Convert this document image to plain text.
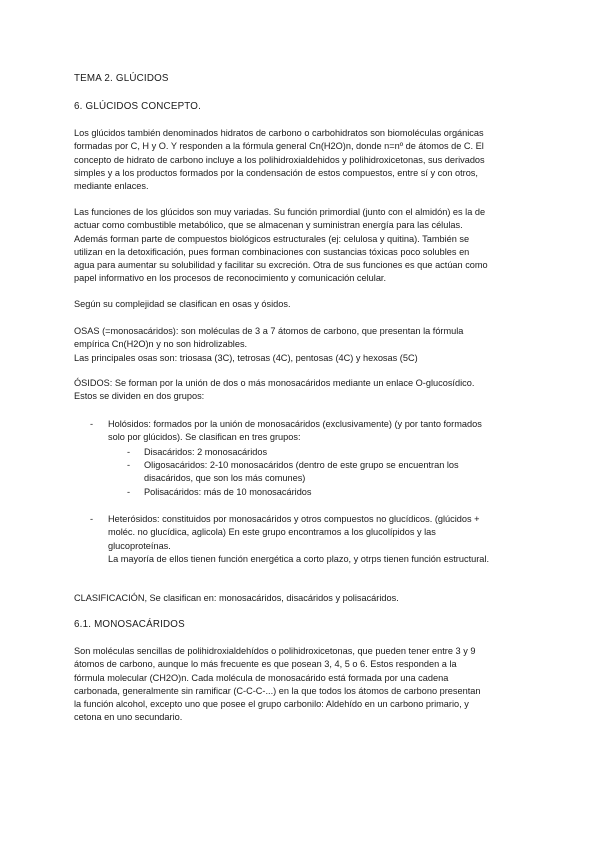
TEMA 2. GLÚCIDOS
6. GLÚCIDOS CONCEPTO.
Los glúcidos también denominados hidratos de carbono o carbohidratos son biomoléculas orgánicas
formadas por C, H y O. Y responden a la fórmula general Cn(H2O)n, donde n=nº de átomos de C. El
concepto de hidrato de carbono incluye a los polihidroxialdehidos y polihidroxicetonas, sus derivados
simples y a los productos formados por la condensación de estos compuestos, entre sí y con otros,
mediante enlaces.
Las funciones de los glúcidos son muy variadas. Su función primordial (junto con el almidón) es la de
actuar como combustible metabólico, que se almacenan y suministran energía para las células.
Además forman parte de compuestos biológicos estructurales (ej: celulosa y quitina). También se
utilizan en la detoxificación, pues forman combinaciones con sustancias tóxicas poco solubles en
agua para aumentar su solubilidad y facilitar su excreción. Otra de sus funciones es que actúan como
papel informativo en los procesos de reconocimiento y comunicación celular.
Según su complejidad se clasifican en osas y ósidos.
OSAS (=monosacáridos): son moléculas de 3 a 7 átomos de carbono, que presentan la fórmula
empírica Cn(H2O)n y no son hidrolizables.
Las principales osas son: triosasa (3C), tetrosas (4C), pentosas (4C) y hexosas (5C)
ÓSIDOS: Se forman por la unión de dos o más monosacáridos mediante un enlace O-glucosídico.
Estos se dividen en dos grupos:
-	Holósidos: formados por la unión de monosacáridos (exclusivamente) (y por tanto formados
solo por glúcidos). Se clasifican en tres grupos:
-	Disacáridos: 2 monosacáridos
-	Oligosacáridos: 2-10 monosacáridos (dentro de este grupo se encuentran los
disacáridos, que son los más comunes)
-	Polisacáridos: más de 10 monosacáridos
-	Heterósidos: constituidos por monosacáridos y otros compuestos no glucídicos. (glúcidos +
moléc. no glucídica, aglicola) En este grupo encontramos a los glucolípidos y las
glucoproteínas.
La mayoría de ellos tienen función energética a corto plazo, y otrps tienen función estructural.
CLASIFICACIÓN, Se clasifican en: monosacáridos, disacáridos y polisacáridos.
6.1. MONOSACÁRIDOS
Son moléculas sencillas de polihidroxialdehídos o polihidroxicetonas, que pueden tener entre 3 y 9
átomos de carbono, aunque lo más frecuente es que posean 3, 4, 5 o 6. Estos responden a la
fórmula molecular (CH2O)n. Cada molécula de monosacárido está formada por una cadena
carbonada, generalmente sin ramificar (C-C-C-...) en la que todos los átomos de carbono presentan
la función alcohol, excepto uno que posee el grupo carbonilo: Aldehído en un carbono primario, y
cetona en uno secundario.
